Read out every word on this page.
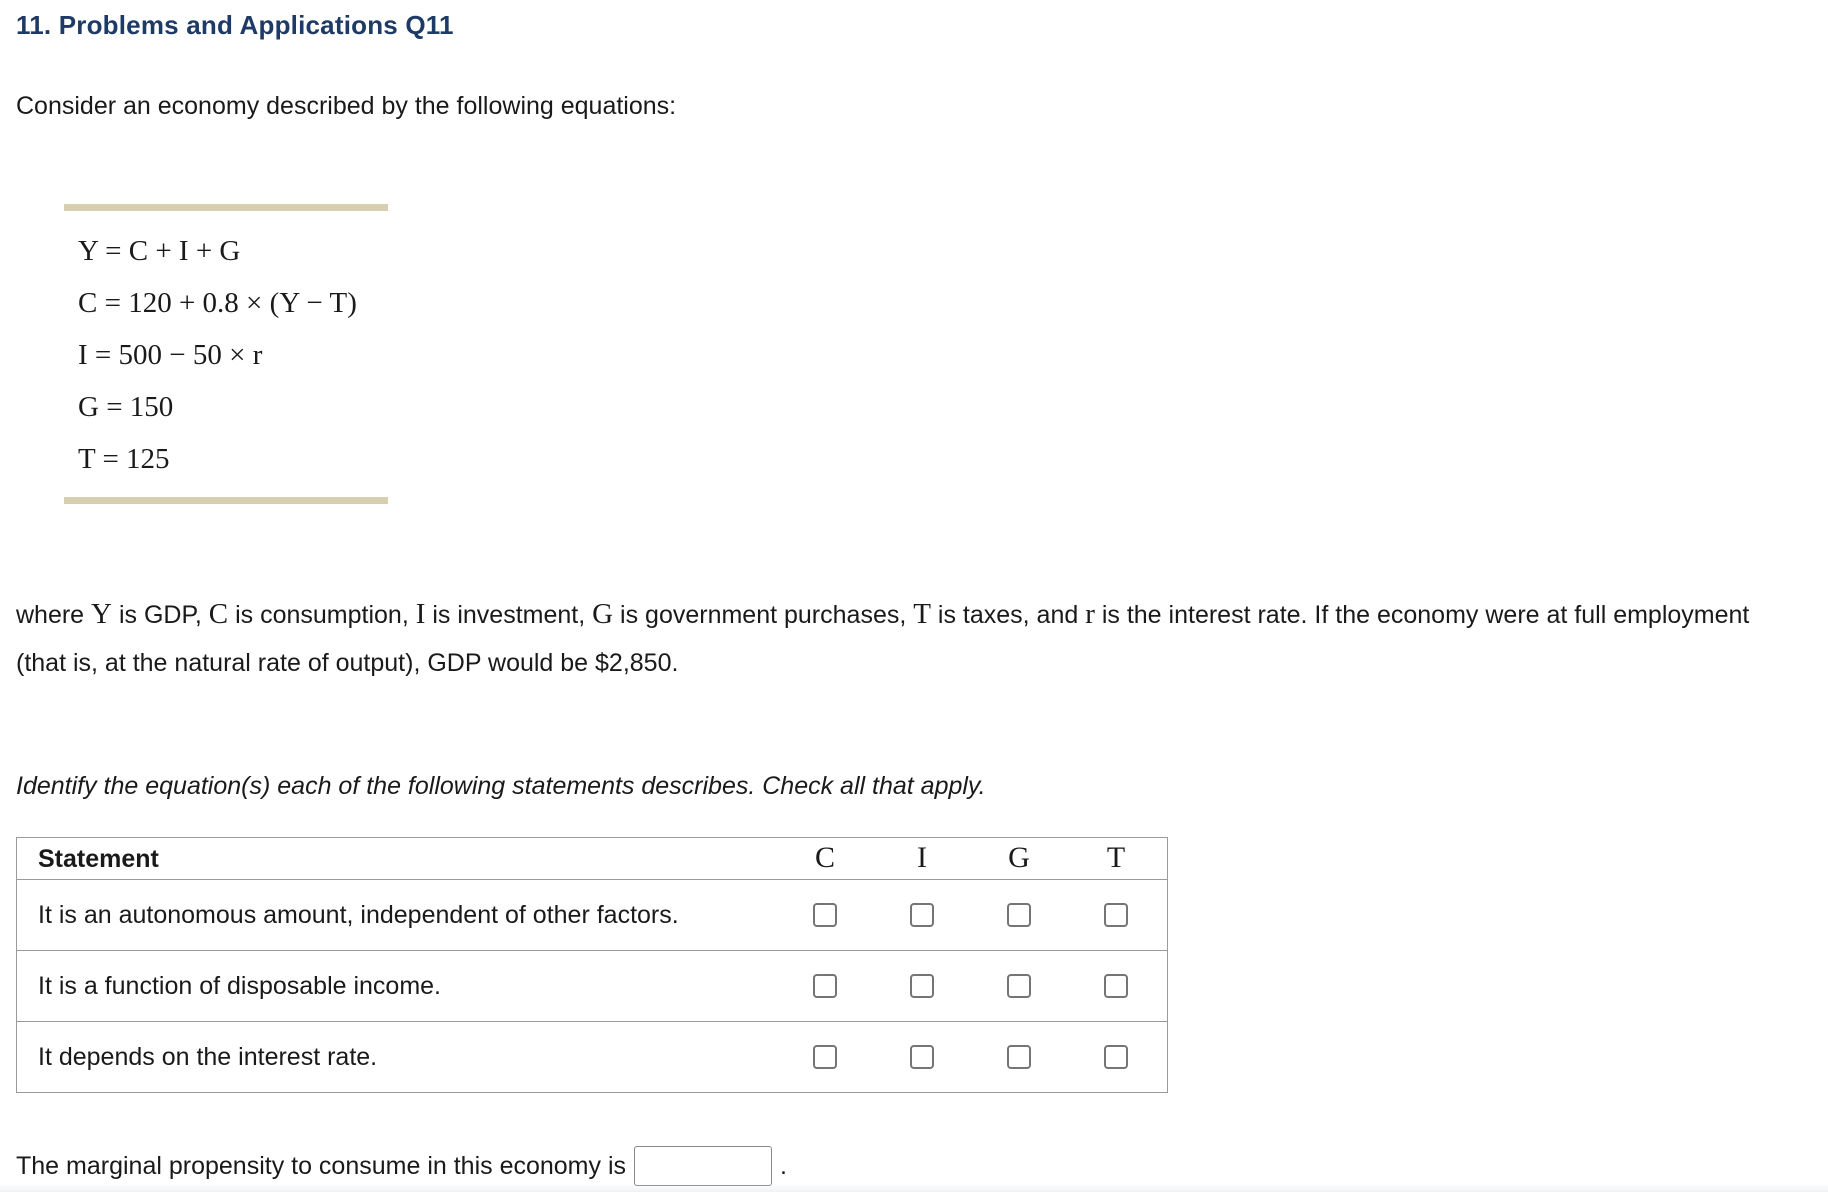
11. Problems and Applications Q11
Consider an economy described by the following equations:
Y = C + I + G
C = 120 + 0.8 × (Y − T)
I = 500 − 50 × r
G = 150
T = 125
where Y is GDP, C is consumption, I is investment, G is government purchases, T is taxes, and r is the interest rate. If the economy were at full employment (that is, at the natural rate of output), GDP would be $2,850.
Identify the equation(s) each of the following statements describes. Check all that apply.
Statement	C	I	G	T
It is an autonomous amount, independent of other factors.
It is a function of disposable income.
It depends on the interest rate.
The marginal propensity to consume in this economy is	.
